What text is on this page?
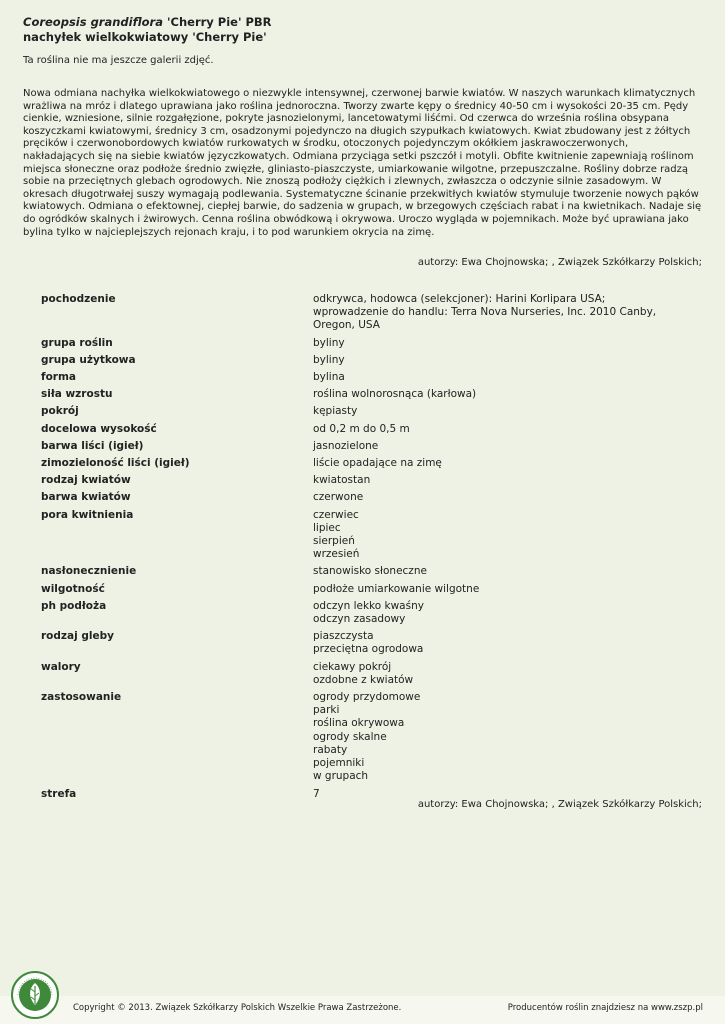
Coreopsis grandiflora 'Cherry Pie' PBR
nachyłek wielkokwiatowy 'Cherry Pie'
Ta roślina nie ma jeszcze galerii zdjęć.

Nowa odmiana nachyłka wielkokwiatowego o niezwykle intensywnej, czerwonej barwie kwiatów. W naszych warunkach klimatycznych wrażliwa na mróz i dlatego uprawiana jako roślina jednoroczna. Tworzy zwarte kępy o średnicy 40-50 cm i wysokości 20-35 cm. Pędy cienkie, wzniesione, silnie rozgałęzione, pokryte jasnozielonymi, lancetowatymi liśćmi. Od czerwca do września roślina obsypana koszyczkami kwiatowymi, średnicy 3 cm, osadzonymi pojedynczo na długich szypułkach kwiatowych. Kwiat zbudowany jest z żółtych pręcików i czerwonobordowych kwiatów rurkowatych w środku, otoczonych pojedynczym okółkiem jaskrawoczerwonych, nakładających się na siebie kwiatów języczkowatych. Odmiana przyciąga setki pszczół i motyli. Obfite kwitnienie zapewniają roślinom miejsca słoneczne oraz podłoże średnio zwięzłe, gliniasto-piaszczyste, umiarkowanie wilgotne, przepuszczalne. Rośliny dobrze radzą sobie na przeciętnych glebach ogrodowych. Nie znoszą podłoży ciężkich i zlewnych, zwłaszcza o odczynie silnie zasadowym. W okresach długotrwałej suszy wymagają podlewania. Systematyczne ścinanie przekwitłych kwiatów stymuluje tworzenie nowych pąków kwiatowych. Odmiana o efektownej, ciepłej barwie, do sadzenia w grupach, w brzegowych częściach rabat i na kwietnikach. Nadaje się do ogródków skalnych i żwirowych. Cenna roślina obwódkową i okrywowa. Uroczo wygląda w pojemnikach. Może być uprawiana jako bylina tylko w najcieplejszych rejonach kraju, i to pod warunkiem okrycia na zimę.

autorzy: Ewa Chojnowska; , Związek Szkółkarzy Polskich;
pochodzenie	odkrywca, hodowca (selekcjoner): Harini Korlipara USA; wprowadzenie do handlu: Terra Nova Nurseries, Inc. 2010 Canby, Oregon, USA
grupa roślin	byliny
grupa użytkowa	byliny
forma	bylina
siła wzrostu	roślina wolnorosnąca (karłowa)
pokrój	kępiasty
docelowa wysokość	od 0,2 m do 0,5 m
barwa liści (igieł)	jasnozielone
zimozieloność liści (igieł)	liście opadające na zimę
rodzaj kwiatów	kwiatostan
barwa kwiatów	czerwone
pora kwitnienia	czerwiec
lipiec
sierpień
wrzesień
nasłonecznienie	stanowisko słoneczne
wilgotność	podłoże umiarkowanie wilgotne
ph podłoża	odczyn lekko kwaśny
odczyn zasadowy
rodzaj gleby	piaszczysta
przeciętna ogrodowa
walory	ciekawy pokrój
ozdobne z kwiatów
zastosowanie	ogrody przydomowe
parki
roślina okrywowa
ogrody skalne
rabaty
pojemniki
w grupach
strefa	7
autorzy: Ewa Chojnowska; , Związek Szkółkarzy Polskich;
Copyright © 2013. Związek Szkółkarzy Polskich Wszelkie Prawa Zastrzeżone.	Producentów roślin znajdziesz na www.zszp.pl
